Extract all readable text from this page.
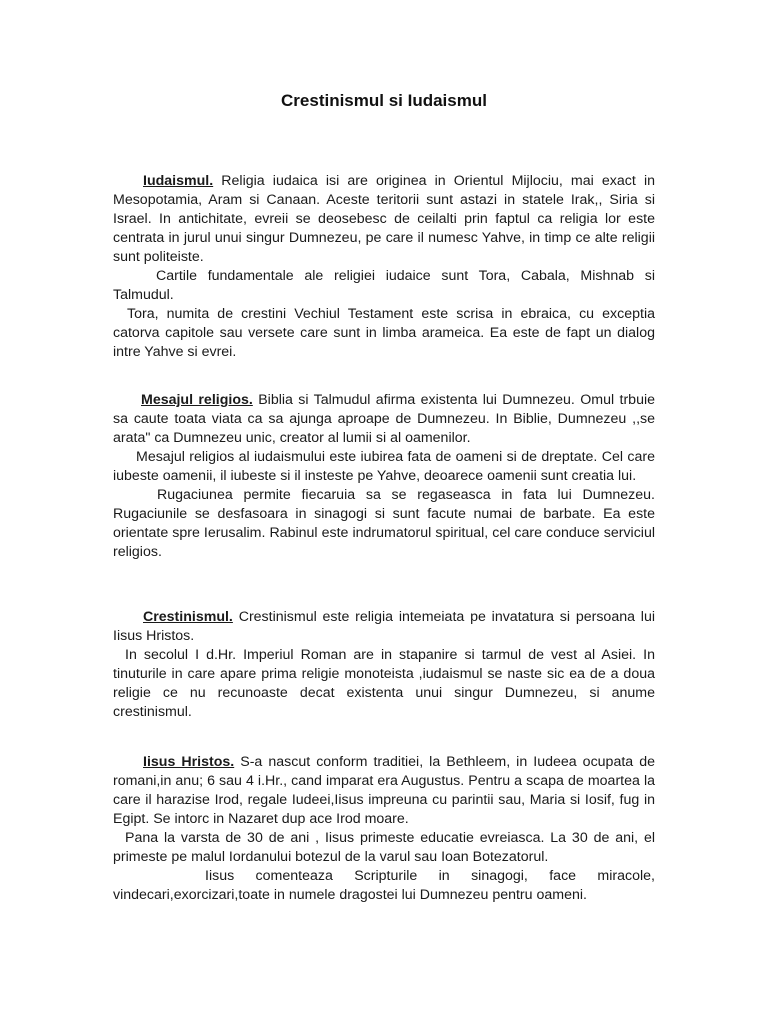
Crestinismul si Iudaismul

Iudaismul. Religia iudaica isi are originea in Orientul Mijlociu, mai exact in Mesopotamia, Aram si Canaan. Aceste teritorii sunt astazi in statele Irak,, Siria si Israel. In antichitate, evreii se deosebesc de ceilalti prin faptul ca religia lor este centrata in jurul unui singur Dumnezeu, pe care il numesc Yahve, in timp ce alte religii sunt politeiste.

Cartile fundamentale ale religiei iudaice sunt Tora, Cabala, Mishnab si Talmudul.

Tora, numita de crestini Vechiul Testament este scrisa in ebraica, cu exceptia catorva capitole sau versete care sunt in limba arameica. Ea este de fapt un dialog intre Yahve si evrei.

Mesajul religios. Biblia si Talmudul afirma existenta lui Dumnezeu. Omul trbuie sa caute toata viata ca sa ajunga aproape de Dumnezeu. In Biblie, Dumnezeu ,,se arata" ca Dumnezeu unic, creator al lumii si al oamenilor.

Mesajul religios al iudaismului este iubirea fata de oameni si de dreptate. Cel care iubeste oamenii, il iubeste si il insteste pe Yahve, deoarece oamenii sunt creatia lui.

Rugaciunea permite fiecaruia sa se regaseasca in fata lui Dumnezeu. Rugaciunile se desfasoara in sinagogi si sunt facute numai de barbate. Ea este orientate spre Ierusalim. Rabinul este indrumatorul spiritual, cel care conduce serviciul religios.

Crestinismul. Crestinismul este religia intemeiata pe invatatura si persoana lui Iisus Hristos.

In secolul I d.Hr. Imperiul Roman are in stapanire si tarmul de vest al Asiei. In tinuturile in care apare prima religie monoteista ,iudaismul se naste sic ea de a doua religie ce nu recunoaste decat existenta unui singur Dumnezeu, si anume crestinismul.

Iisus Hristos. S-a nascut conform traditiei, la Bethleem, in Iudeea ocupata de romani,in anu; 6 sau 4 i.Hr., cand imparat era Augustus. Pentru a scapa de moartea la care il harazise Irod, regale Iudeei,Iisus impreuna cu parintii sau, Maria si Iosif, fug in Egipt. Se intorc in Nazaret dup ace Irod moare.

Pana la varsta de 30 de ani , Iisus primeste educatie evreiasca. La 30 de ani, el primeste pe malul Iordanului botezul de la varul sau Ioan Botezatorul.

Iisus comenteaza Scripturile in sinagogi, face miracole, vindecari,exorcizari,toate in numele dragostei lui Dumnezeu pentru oameni.
